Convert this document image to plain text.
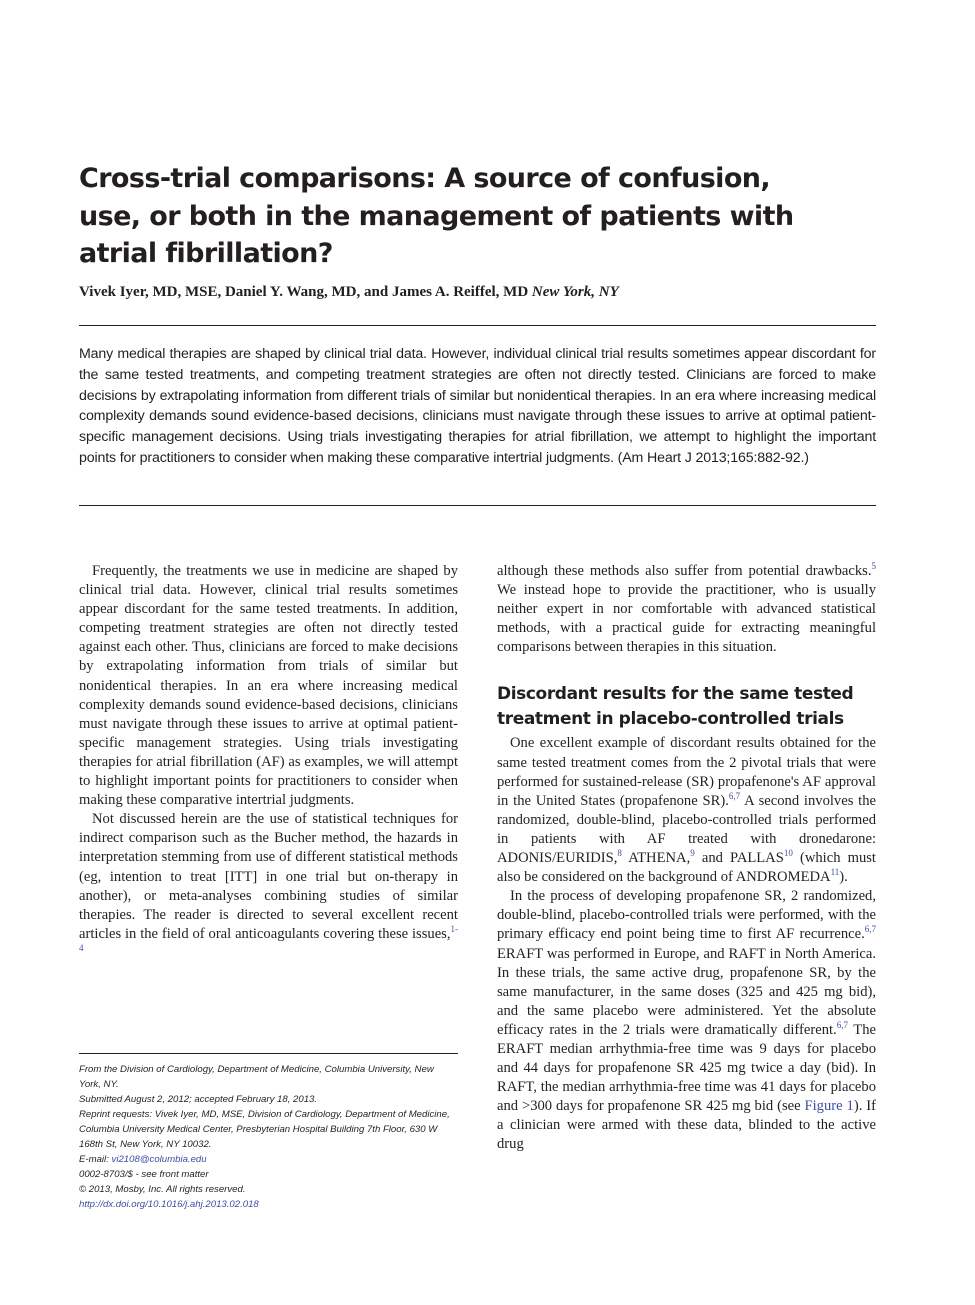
Cross-trial comparisons: A source of confusion, use, or both in the management of patients with atrial fibrillation?
Vivek Iyer, MD, MSE, Daniel Y. Wang, MD, and James A. Reiffel, MD New York, NY

Many medical therapies are shaped by clinical trial data. However, individual clinical trial results sometimes appear discordant for the same tested treatments, and competing treatment strategies are often not directly tested. Clinicians are forced to make decisions by extrapolating information from different trials of similar but nonidentical therapies. In an era where increasing medical complexity demands sound evidence-based decisions, clinicians must navigate through these issues to arrive at optimal patient-specific management decisions. Using trials investigating therapies for atrial fibrillation, we attempt to highlight the important points for practitioners to consider when making these comparative intertrial judgments. (Am Heart J 2013;165:882-92.)

Frequently, the treatments we use in medicine are shaped by clinical trial data. However, clinical trial results sometimes appear discordant for the same tested treatments. In addition, competing treatment strategies are often not directly tested against each other. Thus, clinicians are forced to make decisions by extrapolating information from trials of similar but nonidentical therapies. In an era where increasing medical complexity demands sound evidence-based decisions, clinicians must navigate through these issues to arrive at optimal patient-specific management strategies. Using trials investigating therapies for atrial fibrillation (AF) as examples, we will attempt to highlight important points for practitioners to consider when making these comparative intertrial judgments.

Not discussed herein are the use of statistical techniques for indirect comparison such as the Bucher method, the hazards in interpretation stemming from use of different statistical methods (eg, intention to treat [ITT] in one trial but on-therapy in another), or meta-analyses combining studies of similar therapies. The reader is directed to several excellent recent articles in the field of oral anticoagulants covering these issues,$^{1-4}$

although these methods also suffer from potential drawbacks.$^5$ We instead hope to provide the practitioner, who is usually neither expert in nor comfortable with advanced statistical methods, with a practical guide for extracting meaningful comparisons between therapies in this situation.

Discordant results for the same tested treatment in placebo-controlled trials

One excellent example of discordant results obtained for the same tested treatment comes from the 2 pivotal trials that were performed for sustained-release (SR) propafenone's AF approval in the United States (propafenone SR).$^{6,7}$ A second involves the randomized, double-blind, placebo-controlled trials performed in patients with AF treated with dronedarone: ADONIS/EURIDIS,$^8$ ATHENA,$^9$ and PALLAS$^{10}$ (which must also be considered on the background of ANDROMEDA$^{11}$).

In the process of developing propafenone SR, 2 randomized, double-blind, placebo-controlled trials were performed, with the primary efficacy end point being time to first AF recurrence.$^{6,7}$ ERAFT was performed in Europe, and RAFT in North America. In these trials, the same active drug, propafenone SR, by the same manufacturer, in the same doses (325 and 425 mg bid), and the same placebo were administered. Yet the absolute efficacy rates in the 2 trials were dramatically different.$^{6,7}$ The ERAFT median arrhythmia-free time was 9 days for placebo and 44 days for propafenone SR 425 mg twice a day (bid). In RAFT, the median arrhythmia-free time was 41 days for placebo and >300 days for propafenone SR 425 mg bid (see Figure 1). If a clinician were armed with these data, blinded to the active drug

From the Division of Cardiology, Department of Medicine, Columbia University, New York, NY.
Submitted August 2, 2012; accepted February 18, 2013.
Reprint requests: Vivek Iyer, MD, MSE, Division of Cardiology, Department of Medicine, Columbia University Medical Center, Presbyterian Hospital Building 7th Floor, 630 W 168th St, New York, NY 10032.
E-mail: vi2108@columbia.edu
0002-8703/$ - see front matter
© 2013, Mosby, Inc. All rights reserved.
http://dx.doi.org/10.1016/j.ahj.2013.02.018
